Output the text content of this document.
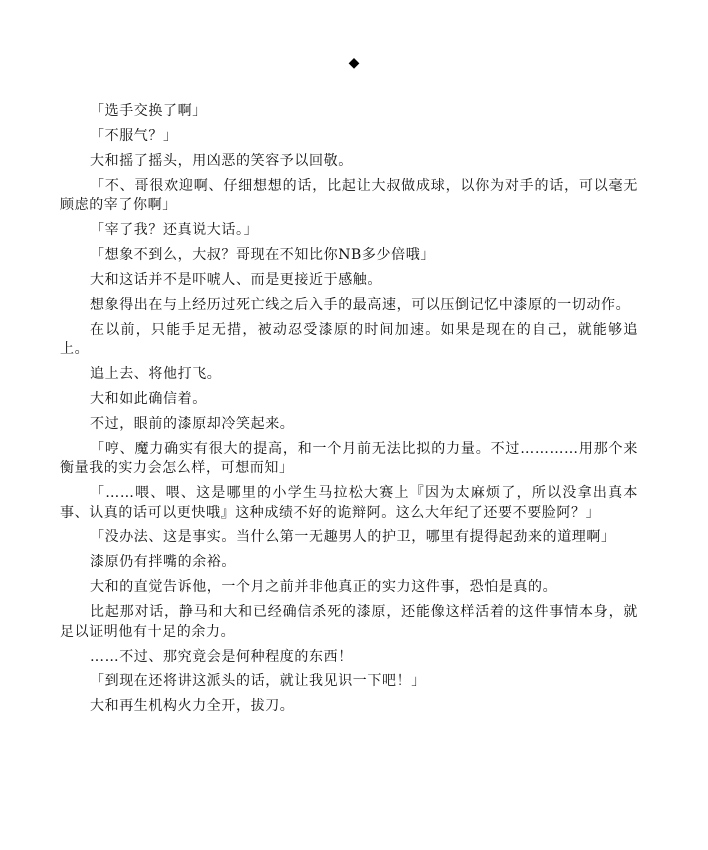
◆

「选手交换了啊」

「不服气？」

大和摇了摇头，用凶恶的笑容予以回敬。

「不、哥很欢迎啊、仔细想想的话，比起让大叔做成球，以你为对手的话，可以毫无顾虑的宰了你啊」

「宰了我？还真说大话。」

「想象不到么，大叔？哥现在不知比你NB多少倍哦」

大和这话并不是吓唬人、而是更接近于感触。

想象得出在与上经历过死亡线之后入手的最高速，可以压倒记忆中漆原的一切动作。

在以前，只能手足无措，被动忍受漆原的时间加速。如果是现在的自己，就能够追上。

追上去、将他打飞。

大和如此确信着。

不过，眼前的漆原却冷笑起来。

「哼、魔力确实有很大的提高，和一个月前无法比拟的力量。不过…………用那个来衡量我的实力会怎么样，可想而知」

「……喂、喂、这是哪里的小学生马拉松大赛上『因为太麻烦了，所以没拿出真本事、认真的话可以更快哦』这种成绩不好的诡辩阿。这么大年纪了还要不要脸阿？」

「没办法、这是事实。当什么第一无趣男人的护卫，哪里有提得起劲来的道理啊」

漆原仍有拌嘴的余裕。

大和的直觉告诉他，一个月之前并非他真正的实力这件事，恐怕是真的。

比起那对话，静马和大和已经确信杀死的漆原，还能像这样活着的这件事情本身，就足以证明他有十足的余力。

……不过、那究竟会是何种程度的东西！

「到现在还将讲这派头的话，就让我见识一下吧！」

大和再生机构火力全开，拔刀。
